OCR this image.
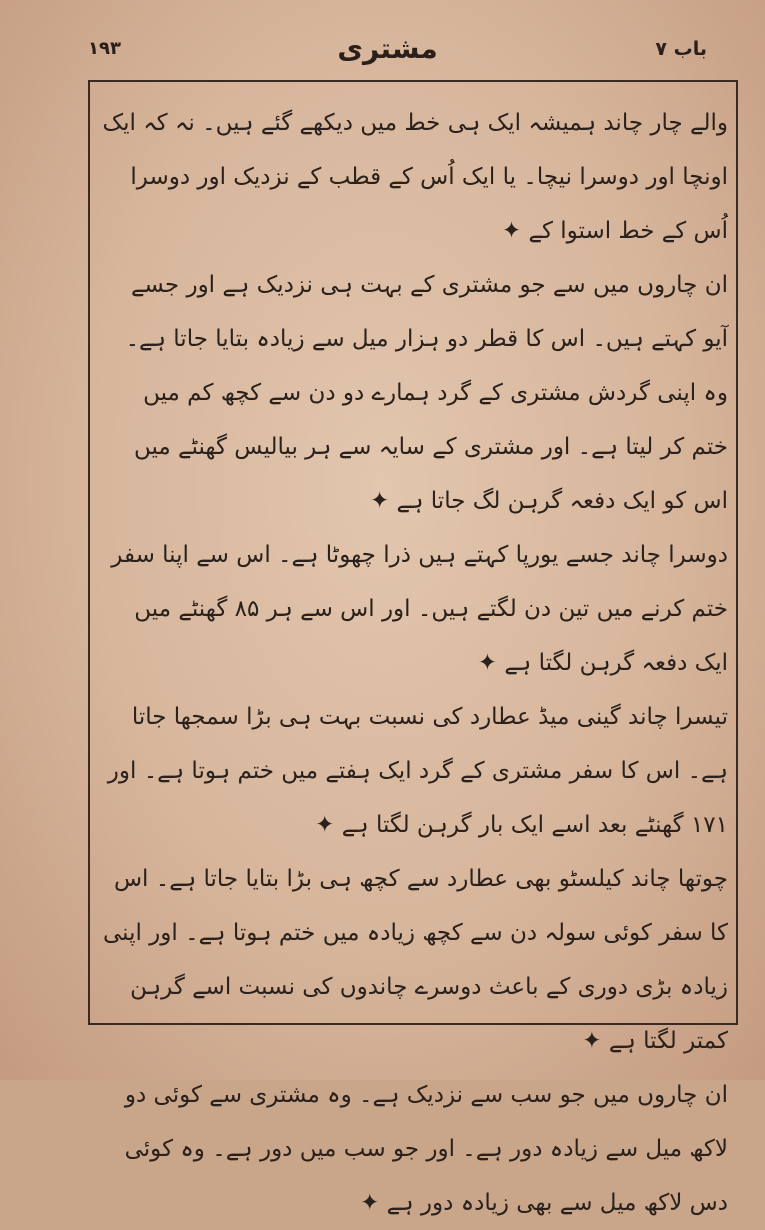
۱۹۳	مشتری	باب ۷

والے چار چاند ہمیشہ ایک ہی خط میں دیکھے گئے ہیں۔ نہ کہ ایک اونچا اور دوسرا نیچا۔ یا ایک اُس کے قطب کے نزدیک اور دوسرا اُس کے خط استوا کے ✦

ان چاروں میں سے جو مشتری کے بہت ہی نزدیک ہے اور جسے آیو کہتے ہیں۔ اس کا قطر دو ہزار میل سے زیادہ بتایا جاتا ہے۔ وہ اپنی گردش مشتری کے گرد ہمارے دو دن سے کچھ کم میں ختم کر لیتا ہے۔ اور مشتری کے سایہ سے ہر بیالیس گھنٹے میں اس کو ایک دفعہ گرہن لگ جاتا ہے ✦

دوسرا چاند جسے یورپا کہتے ہیں ذرا چھوٹا ہے۔ اس سے اپنا سفر ختم کرنے میں تین دن لگتے ہیں۔ اور اس سے ہر ۸۵ گھنٹے میں ایک دفعہ گرہن لگتا ہے ✦

تیسرا چاند گینی میڈ عطارد کی نسبت بہت ہی بڑا سمجھا جاتا ہے۔ اس کا سفر مشتری کے گرد ایک ہفتے میں ختم ہوتا ہے۔ اور ۱۷۱ گھنٹے بعد اسے ایک بار گرہن لگتا ہے ✦

چوتھا چاند کیلسٹو بھی عطارد سے کچھ ہی بڑا بتایا جاتا ہے۔ اس کا سفر کوئی سولہ دن سے کچھ زیادہ میں ختم ہوتا ہے۔ اور اپنی زیادہ بڑی دوری کے باعث دوسرے چاندوں کی نسبت اسے گرہن کمتر لگتا ہے ✦

ان چاروں میں جو سب سے نزدیک ہے۔ وہ مشتری سے کوئی دو لاکھ میل سے زیادہ دور ہے۔ اور جو سب میں دور ہے۔ وہ کوئی دس لاکھ میل سے بھی زیادہ دور ہے ✦
